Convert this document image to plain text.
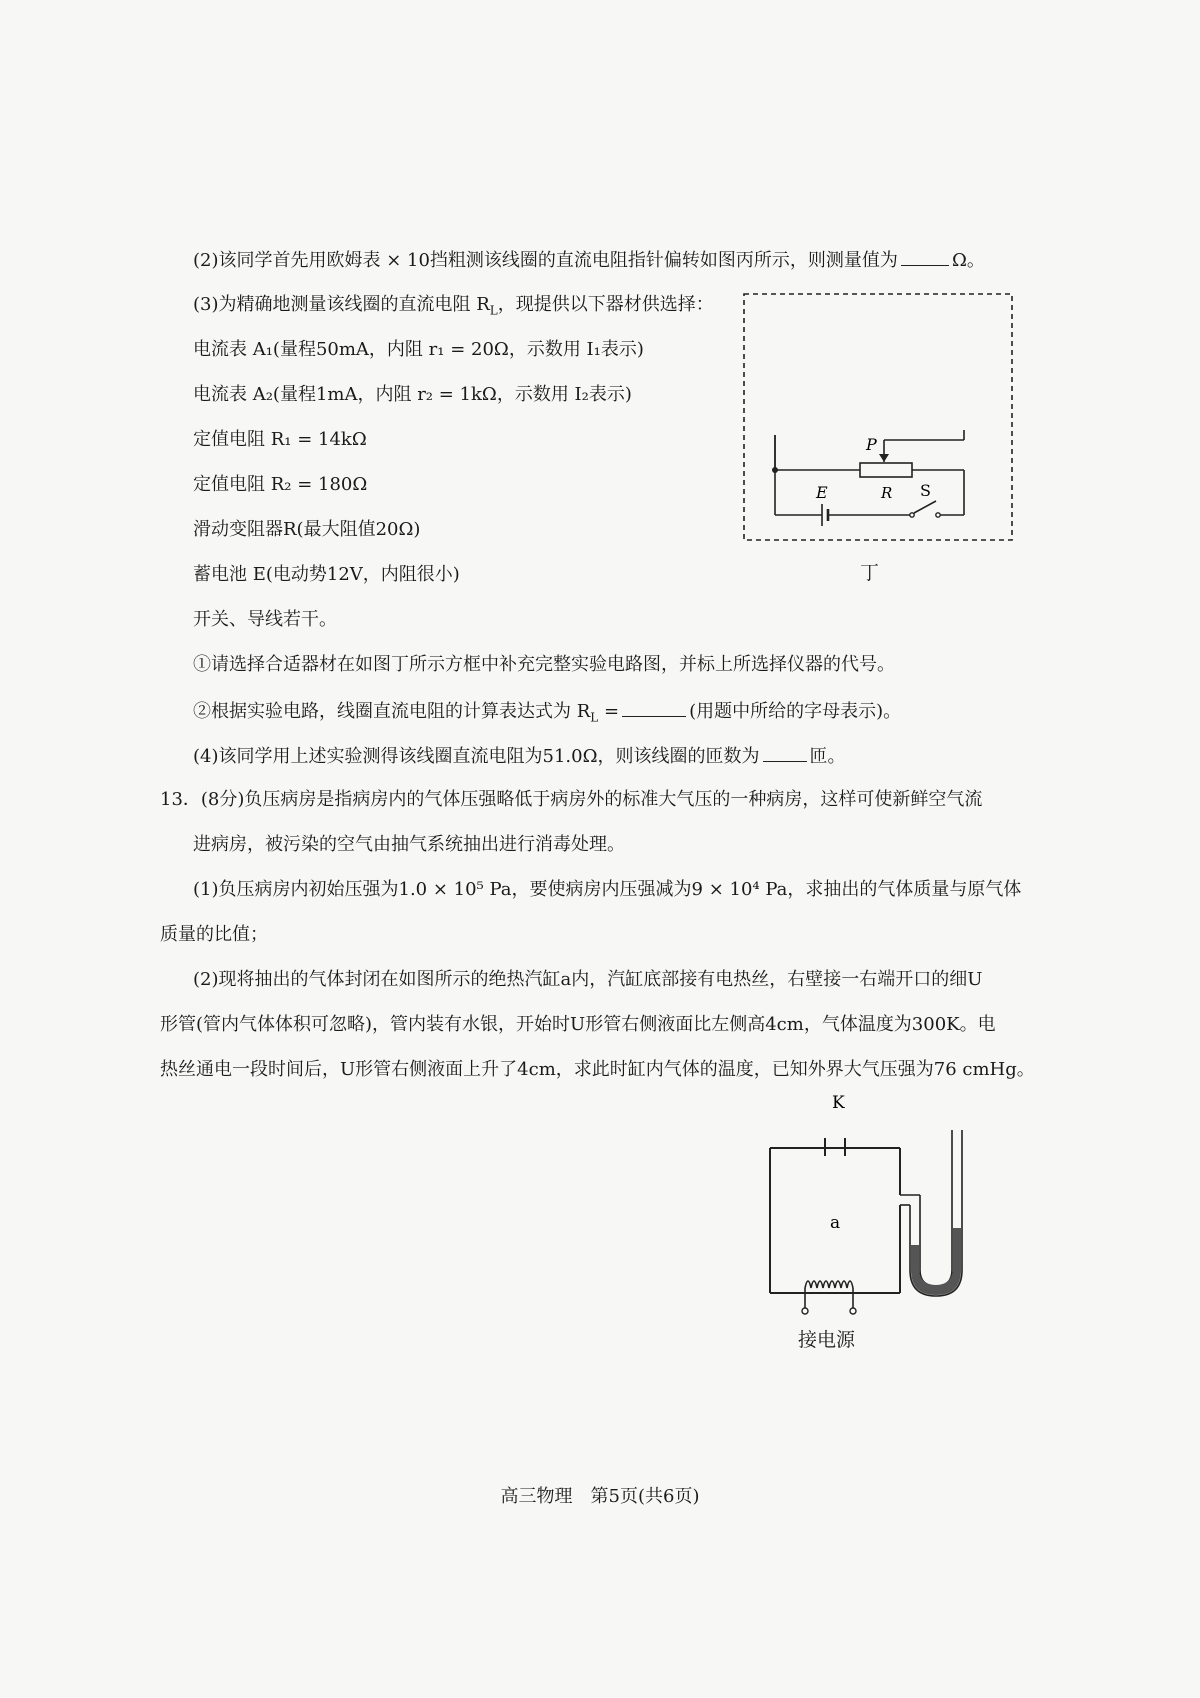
(2)该同学首先用欧姆表 × 10挡粗测该线圈的直流电阻指针偏转如图丙所示，则测量值为	Ω。
(3)为精确地测量该线圈的直流电阻 $R_L$，现提供以下器材供选择：
电流表 A₁(量程50mA，内阻 r₁ = 20Ω，示数用 I₁表示)
电流表 A₂(量程1mA，内阻 r₂ = 1kΩ，示数用 I₂表示)
定值电阻 R₁ = 14kΩ
定值电阻 R₂ = 180Ω
滑动变阻器R(最大阻值20Ω)
蓄电池 E(电动势12V，内阻很小)
开关、导线若干。
①请选择合适器材在如图丁所示方框中补充完整实验电路图，并标上所选择仪器的代号。
②根据实验电路，线圈直流电阻的计算表达式为 $R_L$ =	(用题中所给的字母表示)。
(4)该同学用上述实验测得该线圈直流电阻为51.0Ω，则该线圈的匝数为	匝。
13．(8分)负压病房是指病房内的气体压强略低于病房外的标准大气压的一种病房，这样可使新鲜空气流
进病房，被污染的空气由抽气系统抽出进行消毒处理。
(1)负压病房内初始压强为1.0 × 10⁵ Pa，要使病房内压强减为9 × 10⁴ Pa，求抽出的气体质量与原气体
质量的比值；
(2)现将抽出的气体封闭在如图所示的绝热汽缸a内，汽缸底部接有电热丝，右壁接一右端开口的细U
形管(管内气体体积可忽略)，管内装有水银，开始时U形管右侧液面比左侧高4cm，气体温度为300K。电
热丝通电一段时间后，U形管右侧液面上升了4cm，求此时缸内气体的温度，已知外界大气压强为76 cmHg。
P
R
E	S
丁
K
a
接电源
高三物理　第5页(共6页)
